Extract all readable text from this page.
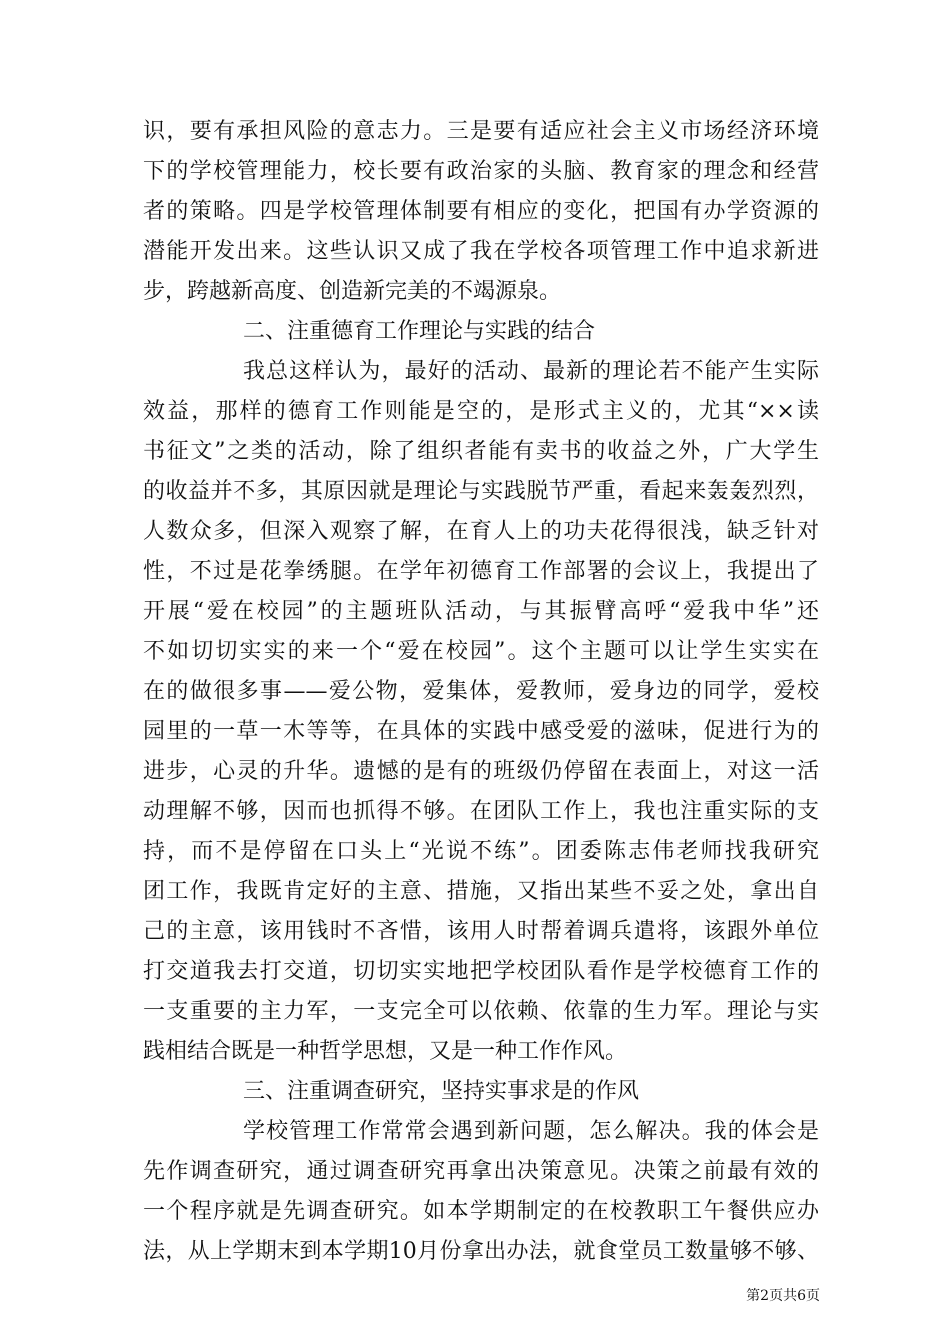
识，要有承担风险的意志力。三是要有适应社会主义市场经济环境
下的学校管理能力，校长要有政治家的头脑、教育家的理念和经营
者的策略。四是学校管理体制要有相应的变化，把国有办学资源的
潜能开发出来。这些认识又成了我在学校各项管理工作中追求新进
步，跨越新高度、创造新完美的不竭源泉。
二、注重德育工作理论与实践的结合
我总这样认为，最好的活动、最新的理论若不能产生实际
效益，那样的德育工作则能是空的，是形式主义的，尤其“××读
书征文”之类的活动，除了组织者能有卖书的收益之外，广大学生
的收益并不多，其原因就是理论与实践脱节严重，看起来轰轰烈烈，
人数众多，但深入观察了解，在育人上的功夫花得很浅，缺乏针对
性，不过是花拳绣腿。在学年初德育工作部署的会议上，我提出了
开展“爱在校园”的主题班队活动，与其振臂高呼“爱我中华”还
不如切切实实的来一个“爱在校园”。这个主题可以让学生实实在
在的做很多事——爱公物，爱集体，爱教师，爱身边的同学，爱校
园里的一草一木等等，在具体的实践中感受爱的滋味，促进行为的
进步，心灵的升华。遗憾的是有的班级仍停留在表面上，对这一活
动理解不够，因而也抓得不够。在团队工作上，我也注重实际的支
持，而不是停留在口头上“光说不练”。团委陈志伟老师找我研究
团工作，我既肯定好的主意、措施，又指出某些不妥之处，拿出自
己的主意，该用钱时不吝惜，该用人时帮着调兵遣将，该跟外单位
打交道我去打交道，切切实实地把学校团队看作是学校德育工作的
一支重要的主力军，一支完全可以依赖、依靠的生力军。理论与实
践相结合既是一种哲学思想，又是一种工作作风。
三、注重调查研究，坚持实事求是的作风
学校管理工作常常会遇到新问题，怎么解决。我的体会是
先作调查研究，通过调查研究再拿出决策意见。决策之前最有效的
一个程序就是先调查研究。如本学期制定的在校教职工午餐供应办
法，从上学期末到本学期10月份拿出办法，就食堂员工数量够不够、
第2页共6页
